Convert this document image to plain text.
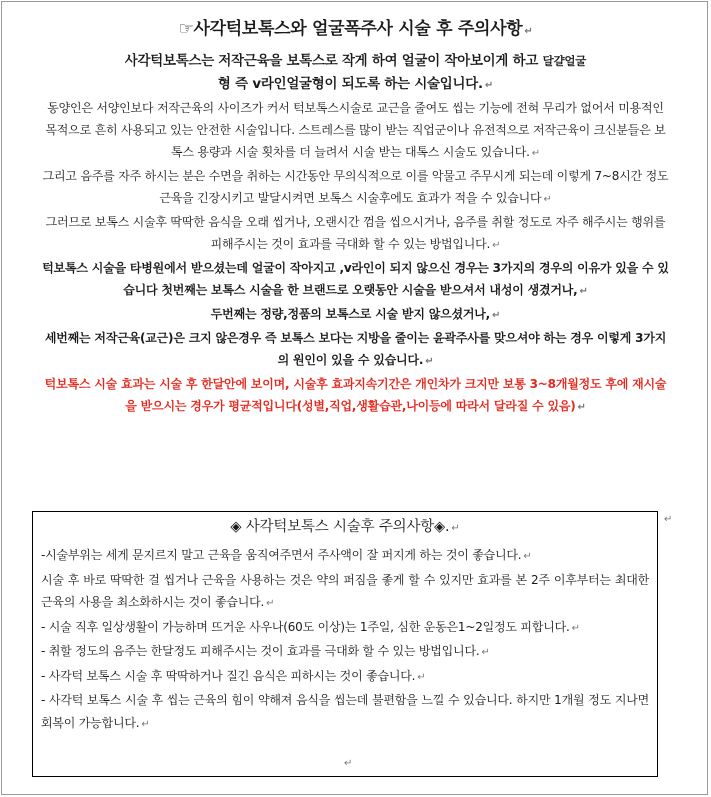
☞사각턱보톡스와 얼굴폭주사 시술 후 주의사항 ↵

사각턱보톡스는 저작근육을 보톡스로 작게 하여 얼굴이 작아보이게 하고 달걀얼굴
형 즉 v라인얼굴형이 되도록 하는 시술입니다. ↵

동양인은 서양인보다 저작근육의 사이즈가 커서 턱보톡스시술로 교근을 줄여도 씹는 기능에 전혀 무리가 없어서 미용적인 목적으로 흔히 사용되고 있는 안전한 시술입니다. 스트레스를 많이 받는 직업군이나 유전적으로 저작근육이 크신분들은 보톡스 용량과 시술 횟차를 더 늘려서 시술 받는 대톡스 시술도 있습니다. ↵

그리고 음주를 자주 하시는 분은 수면을 취하는 시간동안 무의식적으로 이를 악물고 주무시게 되는데 이렇게 7~8시간 정도 근육을 긴장시키고 발달시켜면 보톡스 시술후에도 효과가 적을 수 있습니다 ↵

그러므로 보톡스 시술후 딱딱한 음식을 오래 씹거나, 오랜시간 껌을 씹으시거나, 음주를 취할 정도로 자주 해주시는 행위를 피해주시는 것이 효과를 극대화 할 수 있는 방법입니다. ↵

턱보톡스 시술을 타병원에서 받으셨는데 얼굴이 작아지고 ,v라인이 되지 않으신 경우는 3가지의 경우의 이유가 있을 수 있습니다 첫번째는 보톡스 시술을 한 브랜드로 오랫동안 시술을 받으셔서 내성이 생겼거나, ↵

두번째는 정량,정품의 보톡스로 시술 받지 않으셨거나, ↵

세번째는 저작근육(교근)은 크지 않은경우 즉 보톡스 보다는 지방을 줄이는 윤곽주사를 맞으셔야 하는 경우 이렇게 3가지의 원인이 있을 수 있습니다. ↵

턱보톡스 시술 효과는 시술 후 한달안에 보이며, 시술후 효과지속기간은 개인차가 크지만 보통 3~8개월정도 후에 재시술을 받으시는 경우가 평균적입니다(성별,직업,생활습관,나이등에 따라서 달라질 수 있음) ↵

◈ 사각턱보톡스 시술후 주의사항◈. ↵

-시술부위는 세게 문지르지 말고 근육을 움직여주면서 주사액이 잘 퍼지게 하는 것이 좋습니다. ↵

시술 후 바로 딱딱한 걸 씹거나 근육을 사용하는 것은 약의 퍼짐을 좋게 할 수 있지만 효과를 본 2주 이후부터는 최대한 근육의 사용을 최소화하시는 것이 좋습니다. ↵

- 시술 직후 일상생활이 가능하며 뜨거운 사우나(60도 이상)는 1주일, 심한 운동은1~2일정도 피합니다. ↵

- 취할 정도의 음주는 한달정도 피해주시는 것이 효과를 극대화 할 수 있는 방법입니다. ↵

- 사각턱 보톡스 시술 후 딱딱하거나 질긴 음식은 피하시는 것이 좋습니다. ↵

- 사각턱 보톡스 시술 후 씹는 근육의 힘이 약해져 음식을 씹는데 불편함을 느낄 수 있습니다. 하지만 1개월 정도 지나면 회복이 가능합니다. ↵

↵
↵
